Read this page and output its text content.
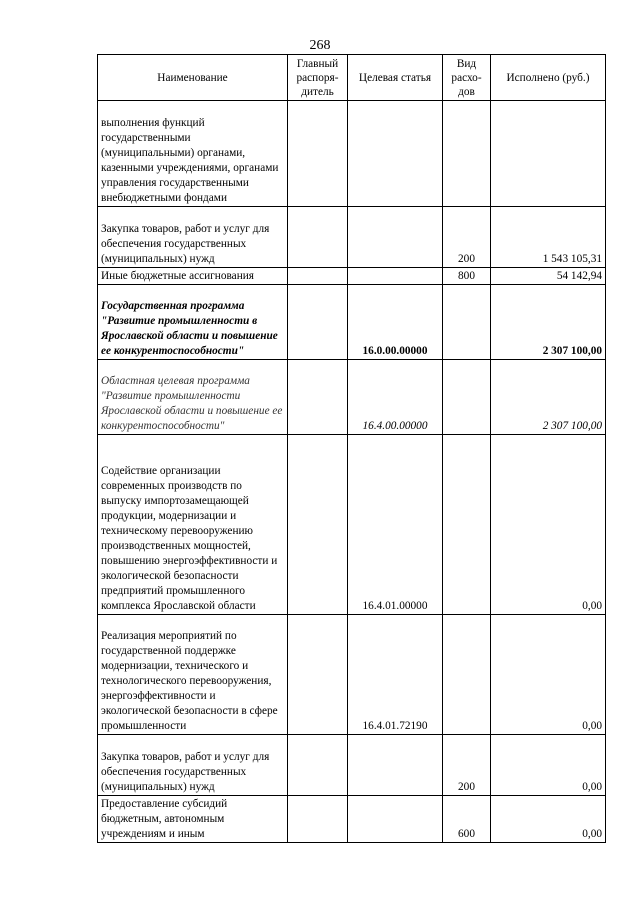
268
Наименование	Главный распоря-дитель	Целевая статья	Вид расхо-дов	Исполнено (руб.)
выполнения функций государственными (муниципальными) органами, казенными учреждениями, органами управления государственными внебюджетными фондами				
Закупка товаров, работ и услуг для обеспечения государственных (муниципальных) нужд			200	1 543 105,31
Иные бюджетные ассигнования			800	54 142,94
Государственная программа "Развитие промышленности в Ярославской области и повышение ее конкурентоспособности"		16.0.00.00000		2 307 100,00
Областная целевая программа "Развитие промышленности Ярославской области и повышение ее конкурентоспособности"		16.4.00.00000		2 307 100,00
Содействие организации современных производств по выпуску импортозамещающей продукции, модернизации и техническому перевооружению производственных мощностей, повышению энергоэффективности и экологической безопасности предприятий промышленного комплекса Ярославской области		16.4.01.00000		0,00
Реализация мероприятий по государственной поддержке модернизации, технического и технологического перевооружения, энергоэффективности и экологической безопасности в сфере промышленности		16.4.01.72190		0,00
Закупка товаров, работ и услуг для обеспечения государственных (муниципальных) нужд			200	0,00
Предоставление субсидий бюджетным, автономным учреждениям и иным			600	0,00
